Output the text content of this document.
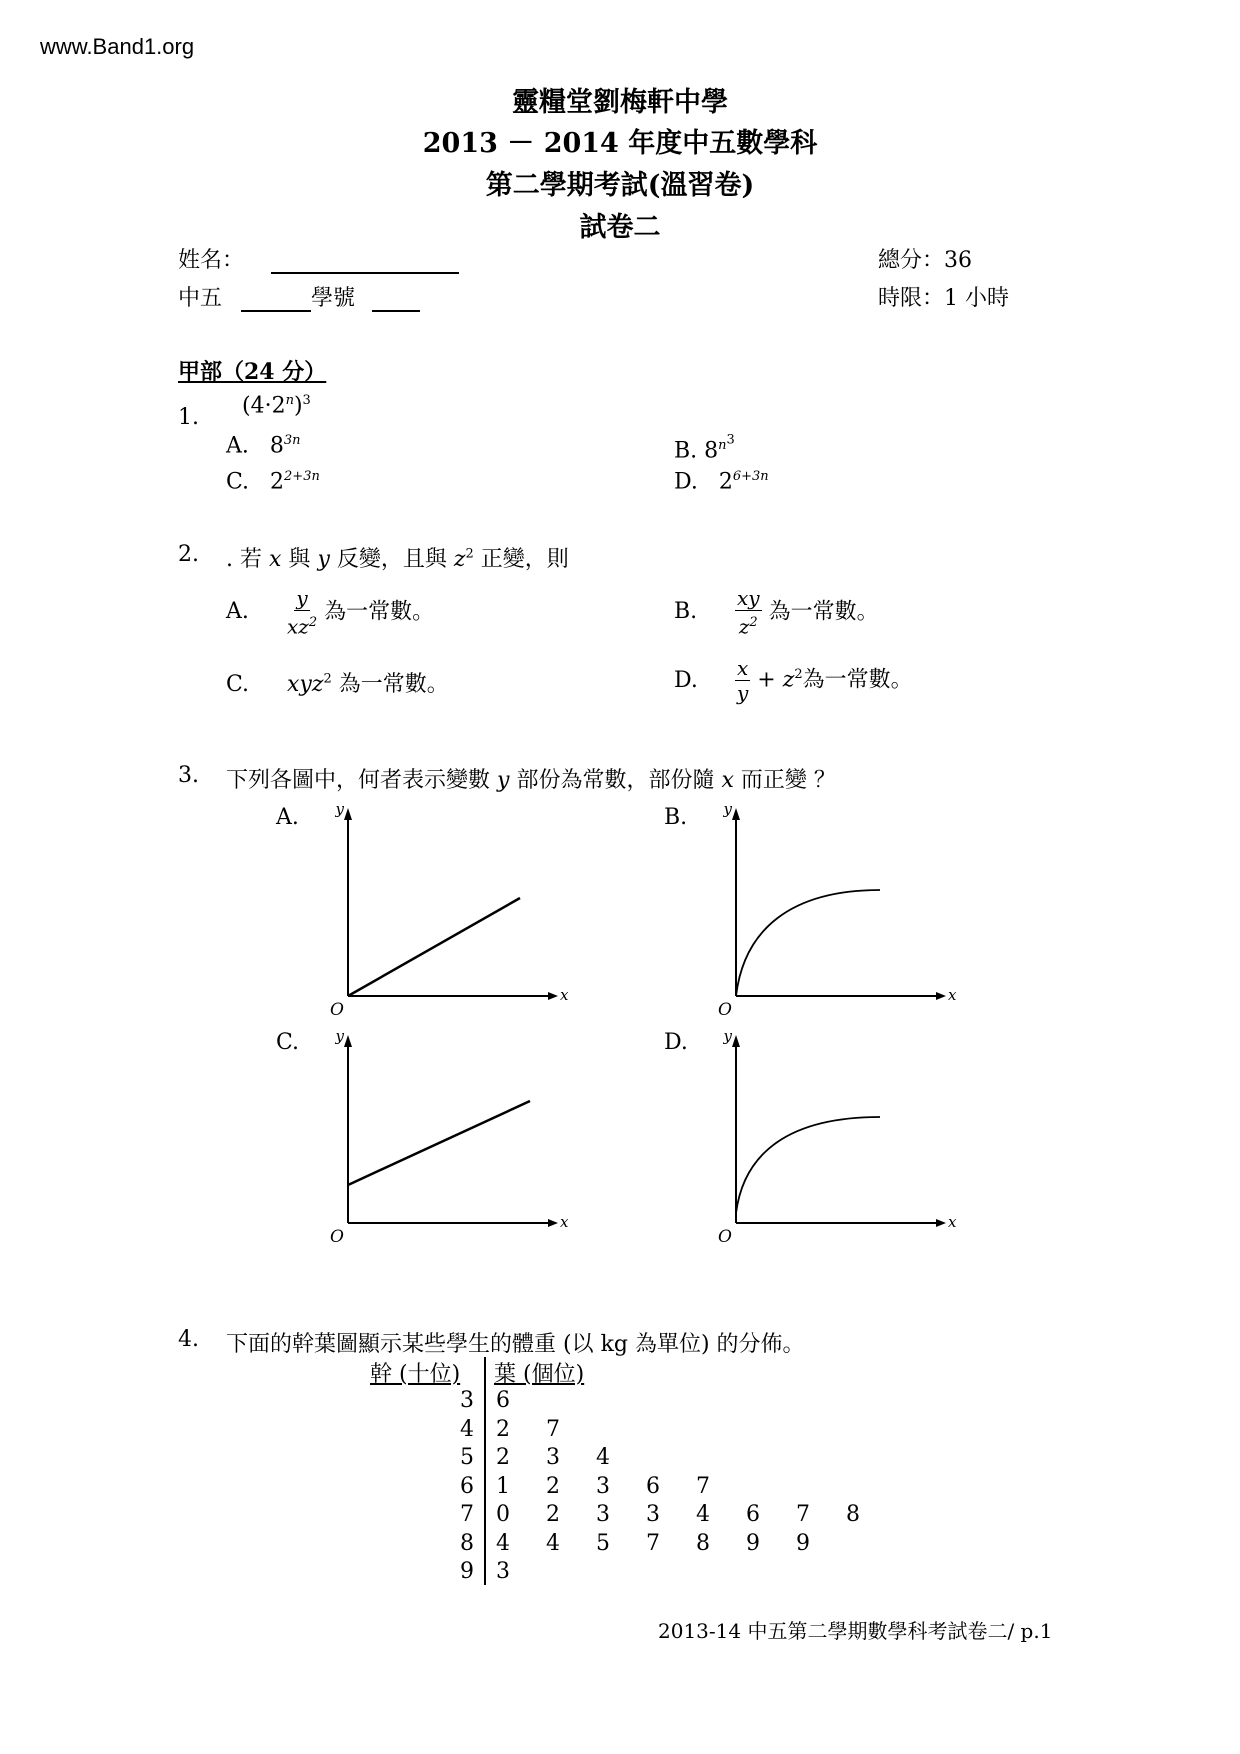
www.Band1.org
靈糧堂劉梅軒中學
2013 － 2014 年度中五數學科
第二學期考試(溫習卷)
試卷二
姓名：
中五	學號
總分：36
時限：1 小時
甲部（24 分）
1. $(4\cdot 2^n)^3$
A. $8^{3n}$	B. $8^{n^3}$
C. $2^{2+3n}$	D. $2^{6+3n}$
2. . 若 x 與 y 反變，且與 $z^2$ 正變，則
A. $\frac{y}{xz^2}$ 為一常數。	B. $\frac{xy}{z^2}$ 為一常數。
C. xyz$^2$ 為一常數。	D. $\frac{x}{y} + z^2$為一常數。
3. 下列各圖中，何者表示變數 y 部份為常數，部份隨 x 而正變 ？
A.	B.
C.	D.
y
x
O
y
x
O
y
x
O
y
x
O
4. 下面的幹葉圖顯示某些學生的體重 (以 kg 為單位) 的分佈。
幹 (十位) 葉 (個位)
3 6
4 2 7
5 2 3 4
6 1 2 3 6 7
7 0 2 3 3 4 6 7 8
8 4 4 5 7 8 9 9
9 3
2013-14 中五第二學期數學科考試卷二/ p.1
